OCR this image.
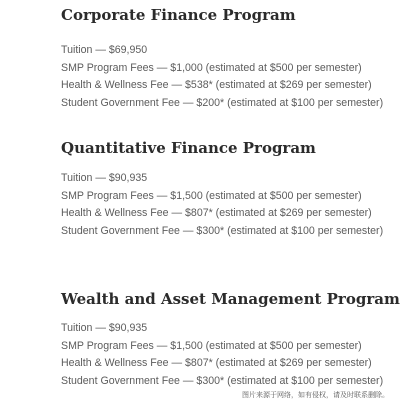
Corporate Finance Program
Tuition — $69,950
SMP Program Fees — $1,000 (estimated at $500 per semester)
Health & Wellness Fee — $538* (estimated at $269 per semester)
Student Government Fee — $200* (estimated at $100 per semester)
Quantitative Finance Program
Tuition — $90,935
SMP Program Fees — $1,500 (estimated at $500 per semester)
Health & Wellness Fee — $807* (estimated at $269 per semester)
Student Government Fee — $300* (estimated at $100 per semester)
Wealth and Asset Management Program
Tuition — $90,935
SMP Program Fees — $1,500 (estimated at $500 per semester)
Health & Wellness Fee — $807* (estimated at $269 per semester)
Student Government Fee — $300* (estimated at $100 per semester)
图片来源于网络，如有侵权，请及时联系删除。
